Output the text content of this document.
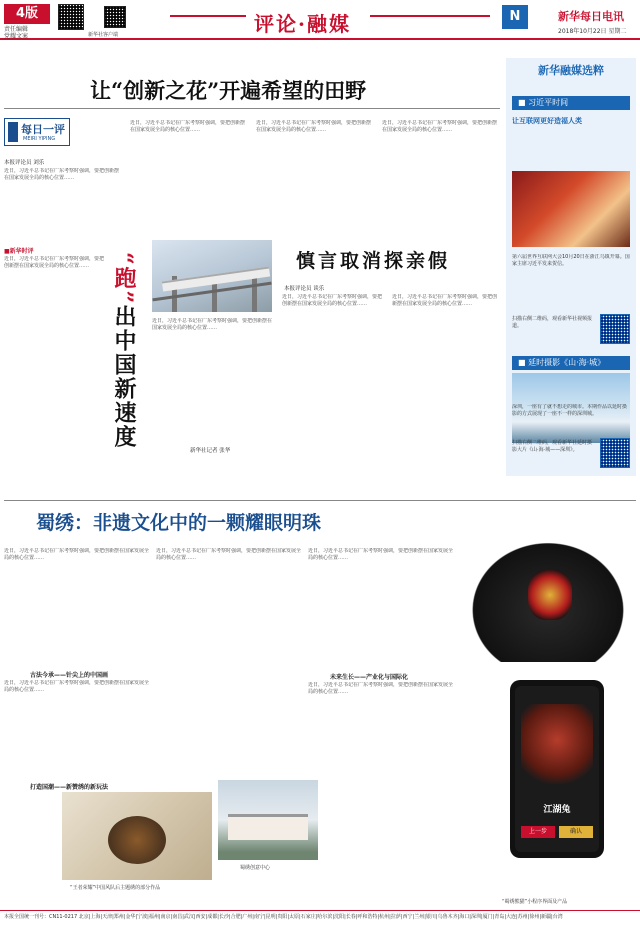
4版
责任编辑
党耀文案	新华社客户端	评论·融媒	N	新华每日电讯
2018年10月22日 星期二
让“创新之花”开遍希望的田野
每日一评
MEIRI YIPING
本报评论员 刘乐
近日，习近平总书记在广东考察时强调，要把创新摆在国家发展全局的核心位置……
近日，习近平总书记在广东考察时强调，要把创新摆在国家发展全局的核心位置……
近日，习近平总书记在广东考察时强调，要把创新摆在国家发展全局的核心位置……
近日，习近平总书记在广东考察时强调，要把创新摆在国家发展全局的核心位置……
■新华时评
近日，习近平总书记在广东考察时强调，要把创新摆在国家发展全局的核心位置…… “跑”出中国新速度	近日，习近平总书记在广东考察时强调，要把创新摆在国家发展全局的核心位置……
新华社记者 张华
慎言取消探亲假
本报评论员 谈乐
近日，习近平总书记在广东考察时强调，要把创新摆在国家发展全局的核心位置……
近日，习近平总书记在广东考察时强调，要把创新摆在国家发展全局的核心位置……
新华融媒选粹
■ 习近平时间
让互联网更好造福人类
第六届世界互联网大会10月20日在浙江乌镇开幕。国家主席习近平发来贺信。
扫描右侧二维码，观看新华社视频报道。
■ 延时摄影《山·海·城》
深圳，一座有了就不想走的城市。本期作品以延时摄影的方式展现了一座不一样的深圳城。
扫描右侧二维码，观看新华社延时摄影大片《山·海·城——深圳》。
蜀绣：非遗文化中的一颗耀眼明珠
近日，习近平总书记在广东考察时强调，要把创新摆在国家发展全局的核心位置……
古法今承——针尖上的中国画
近日，习近平总书记在广东考察时强调，要把创新摆在国家发展全局的核心位置……
近日，习近平总书记在广东考察时强调，要把创新摆在国家发展全局的核心位置……
打造国潮——新赞绣的新玩法
近日，习近平总书记在广东考察时强调，要把创新摆在国家发展全局的核心位置……
未来生长——产业化与国际化
近日，习近平总书记在广东考察时强调，要把创新摆在国家发展全局的核心位置……
“王者荣耀”中国风队后主题绣的部分作品
蜀绣创意中心
江湖兔
上一步	确认
“蜀绣熊猫”小程序界面及产品
本报全国统一刊号：CN11-0217 北京|上海|天津|郑州|金华|宁波|福州|南京|南昌|武汉|西安|成都|长沙|合肥|广州|南宁|昆明|贵阳|太原|石家庄|哈尔滨|沈阳|长春|呼和浩特|杭州|拉萨|西宁|兰州|银川|乌鲁木齐|海口|深圳|厦门|青岛|大连|苏州|徐州|新疆|台湾
